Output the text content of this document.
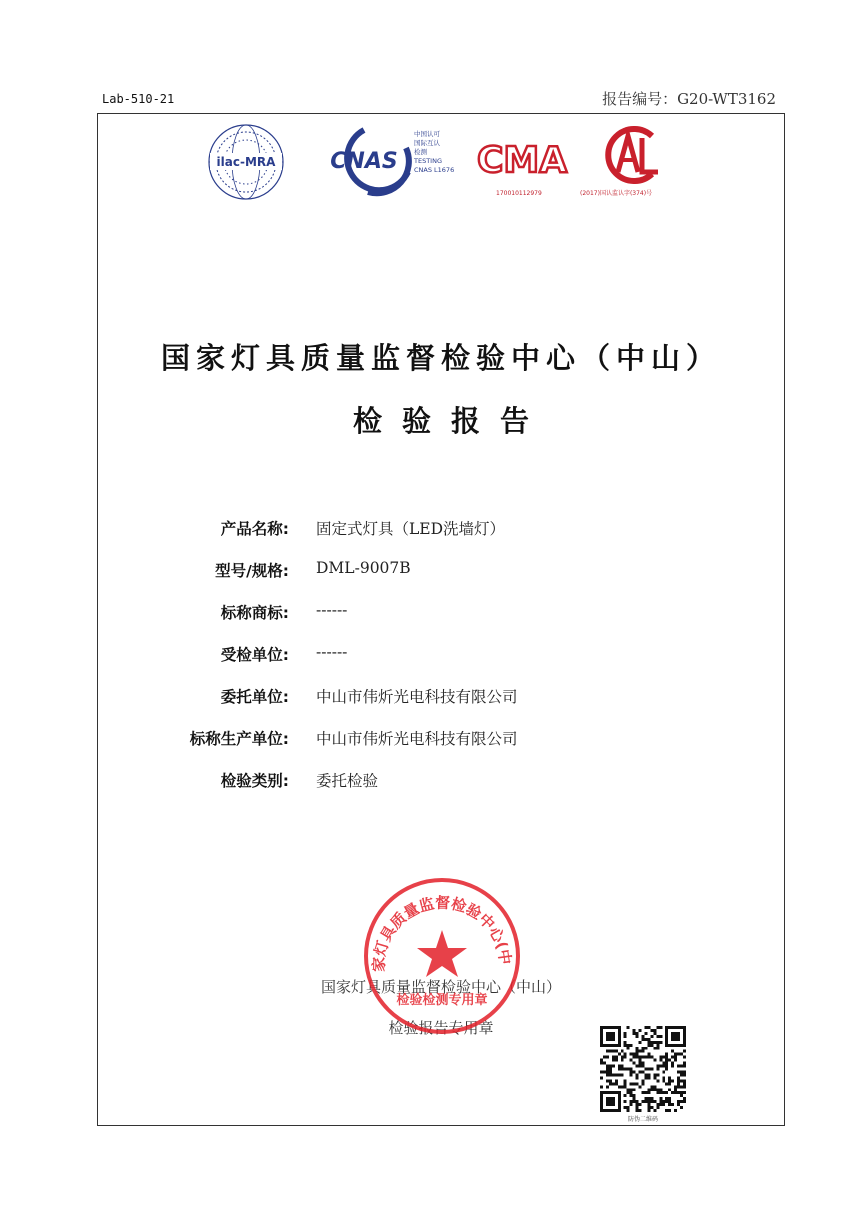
Lab-510-21	报告编号：G20-WT3162
ilac-MRA CNAS
中国认可
国际互认
检测
TESTING
CNAS L1676 CMA
170010112979	(2017)国认监认字(374)号
国家灯具质量监督检验中心（中山）
检验报告
产品名称: 固定式灯具（LED洗墙灯）
型号/规格: DML-9007B
标称商标: ------
受检单位: ------
委托单位: 中山市伟炘光电科技有限公司
标称生产单位: 中山市伟炘光电科技有限公司
检验类别: 委托检验
国家灯具质量监督检验中心（中山）
检验报告专用章
家灯具质量监督检验中心(中
检验检测专用章
防伪二维码
